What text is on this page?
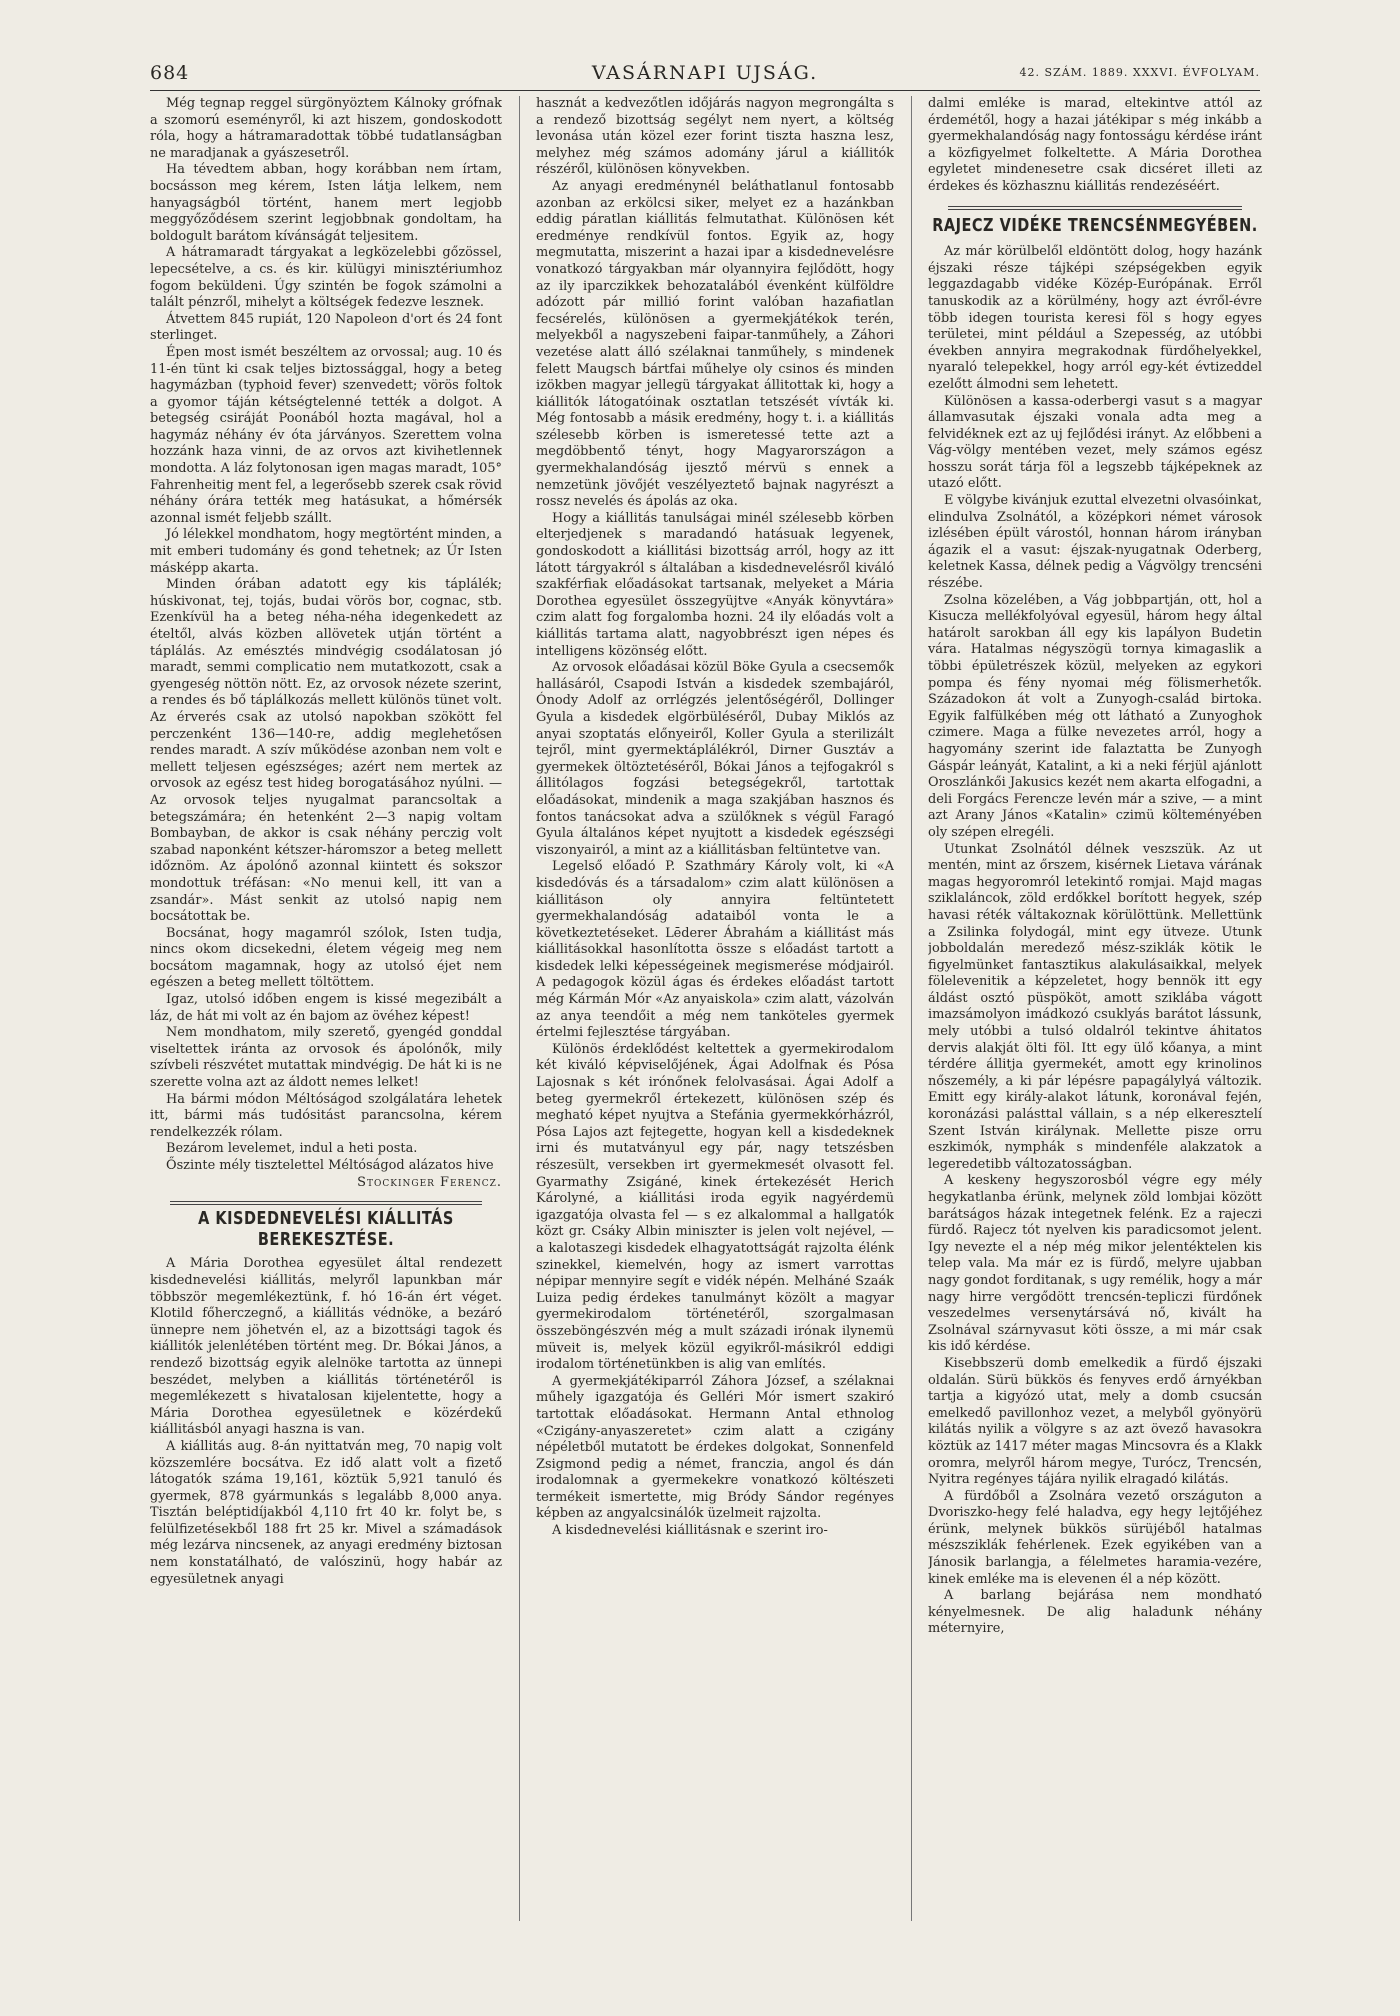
684	VASÁRNAPI UJSÁG.	42. SZÁM. 1889. XXXVI. ÉVFOLYAM.

Még tegnap reggel sürgönyöztem Kálnoky grófnak a szomorú eseményről, ki azt hiszem, gondoskodott róla, hogy a hátramaradottak többé tudatlanságban ne maradjanak a gyászesetről.

Ha tévedtem abban, hogy korábban nem írtam, bocsásson meg kérem, Isten látja lelkem, nem hanyagságból történt, hanem mert legjobb meggyőződésem szerint legjobbnak gondoltam, ha boldogult barátom kívánságát teljesitem.

A hátramaradt tárgyakat a legközelebbi gőzössel, lepecsételve, a cs. és kir. külügyi minisztériumhoz fogom beküldeni. Úgy szintén be fogok számolni a talált pénzről, mihelyt a költségek fedezve lesznek.

Átvettem 845 rupiát, 120 Napoleon d'ort és 24 font sterlinget.

Épen most ismét beszéltem az orvossal; aug. 10 és 11-én tünt ki csak teljes biztossággal, hogy a beteg hagymázban (typhoid fever) szenvedett; vörös foltok a gyomor táján kétségtelenné tették a dolgot. A betegség csiráját Poonából hozta magával, hol a hagymáz néhány év óta járványos. Szerettem volna hozzánk haza vinni, de az orvos azt kivihetlennek mondotta. A láz folytonosan igen magas maradt, 105° Fahrenheitig ment fel, a legerősebb szerek csak rövid néhány órára tették meg hatásukat, a hőmérsék azonnal ismét feljebb szállt.

Jó lélekkel mondhatom, hogy megtörtént minden, a mit emberi tudomány és gond tehetnek; az Úr Isten másképp akarta.

Minden órában adatott egy kis táplálék; húskivonat, tej, tojás, budai vörös bor, cognac, stb. Ezenkívül ha a beteg néha-néha idegenkedett az ételtől, alvás közben allövetek utján történt a táplálás. Az emésztés mindvégig csodálatosan jó maradt, semmi complicatio nem mutatkozott, csak a gyengeség nöttön nött. Ez, az orvosok nézete szerint, a rendes és bő táplálkozás mellett különös tünet volt. Az érverés csak az utolsó napokban szökött fel perczenként 136—140-re, addig meglehetősen rendes maradt. A szív működése azonban nem volt e mellett teljesen egészséges; azért nem mertek az orvosok az egész test hideg borogatásához nyúlni. — Az orvosok teljes nyugalmat parancsoltak a betegszámára; én hetenként 2—3 napig voltam Bombayban, de akkor is csak néhány perczig volt szabad naponként kétszer-háromszor a beteg mellett időznöm. Az ápolónő azonnal kiintett és sokszor mondottuk tréfásan: «No menui kell, itt van a zsandár». Mást senkit az utolsó napig nem bocsátottak be.

Bocsánat, hogy magamról szólok, Isten tudja, nincs okom dicsekedni, életem végeig meg nem bocsátom magamnak, hogy az utolsó éjet nem egészen a beteg mellett töltöttem.

Igaz, utolsó időben engem is kissé megezibált a láz, de hát mi volt az én bajom az övéhez képest!

Nem mondhatom, mily szerető, gyengéd gonddal viseltettek iránta az orvosok és ápolónők, mily szívbeli részvétet mutattak mindvégig. De hát ki is ne szerette volna azt az áldott nemes lelket!

Ha bármi módon Méltóságod szolgálatára lehetek itt, bármi más tudósitást parancsolna, kérem rendelkezzék rólam.

Bezárom levelemet, indul a heti posta.

Őszinte mély tisztelettel Méltóságod alázatos hive

Stockinger Ferencz.

A KISDEDNEVELÉSI KIÁLLITÁS BEREKESZTÉSE.

A Mária Dorothea egyesület által rendezett kisdednevelési kiállitás, melyről lapunkban már többször megemlékeztünk, f. hó 16-án ért véget. Klotild főherczegnő, a kiállitás védnöke, a bezáró ünnepre nem jöhetvén el, az a bizottsági tagok és kiállitók jelenlétében történt meg. Dr. Bókai János, a rendező bizottság egyik alelnöke tartotta az ünnepi beszédet, melyben a kiállitás történetéről is megemlékezett s hivatalosan kijelentette, hogy a Mária Dorothea egyesületnek e közérdekű kiállitásból anyagi haszna is van.

A kiállitás aug. 8-án nyittatván meg, 70 napig volt közszemlére bocsátva. Ez idő alatt volt a fizető látogatók száma 19,161, köztük 5,921 tanuló és gyermek, 878 gyármunkás s legalább 8,000 anya. Tisztán beléptidíjakból 4,110 frt 40 kr. folyt be, s felülfizetésekből 188 frt 25 kr. Mivel a számadások még lezárva nincsenek, az anyagi eredmény biztosan nem konstatálható, de valószinü, hogy habár az egyesületnek anyagi

hasznát a kedvezőtlen időjárás nagyon megrongálta s a rendező bizottság segélyt nem nyert, a költség levonása után közel ezer forint tiszta haszna lesz, melyhez még számos adomány járul a kiállitók részéről, különösen könyvekben.

Az anyagi eredménynél beláthatlanul fontosabb azonban az erkölcsi siker, melyet ez a hazánkban eddig páratlan kiállitás felmutathat. Különösen két eredménye rendkívül fontos. Egyik az, hogy megmutatta, miszerint a hazai ipar a kisdednevelésre vonatkozó tárgyakban már olyannyira fejlődött, hogy az ily iparczikkek behozatalából évenként külföldre adózott pár millió forint valóban hazafiatlan fecsérelés, különösen a gyermekjátékok terén, melyekből a nagyszebeni faipar-tanműhely, a Záhori vezetése alatt álló szélaknai tanműhely, s mindenek felett Maugsch bártfai műhelye oly csinos és minden izökben magyar jellegü tárgyakat állitottak ki, hogy a kiállitók látogatóinak osztatlan tetszését vívták ki. Még fontosabb a másik eredmény, hogy t. i. a kiállitás szélesebb körben is ismeretessé tette azt a megdöbbentő tényt, hogy Magyarországon a gyermekhalandóság ijesztő mérvü s ennek a nemzetünk jövőjét veszélyeztető bajnak nagyrészt a rossz nevelés és ápolás az oka.

Hogy a kiállitás tanulságai minél szélesebb körben elterjedjenek s maradandó hatásuak legyenek, gondoskodott a kiállitási bizottság arról, hogy az itt látott tárgyakról s általában a kisdednevelésről kiváló szakférfiak előadásokat tartsanak, melyeket a Mária Dorothea egyesület összegyüjtve «Anyák könyvtára» czim alatt fog forgalomba hozni. 24 ily előadás volt a kiállitás tartama alatt, nagyobbrészt igen népes és intelligens közönség előtt.

Az orvosok előadásai közül Böke Gyula a csecsemők hallásáról, Csapodi István a kisdedek szembajáról, Ónody Adolf az orrlégzés jelentőségéről, Dollinger Gyula a kisdedek elgörbüléséről, Dubay Miklós az anyai szoptatás előnyeiről, Koller Gyula a sterilizált tejről, mint gyermektáplálékról, Dirner Gusztáv a gyermekek öltöztetéséről, Bókai János a tejfogakról s állitólagos fogzási betegségekről, tartottak előadásokat, mindenik a maga szakjában hasznos és fontos tanácsokat adva a szülőknek s végül Faragó Gyula általános képet nyujtott a kisdedek egészségi viszonyairól, a mint az a kiállitásban feltüntetve van.

Legelső előadó P. Szathmáry Károly volt, ki «A kisdedóvás és a társadalom» czim alatt különösen a kiállitáson oly annyira feltüntetett gyermekhalandóság adataiból vonta le a következtetéseket. Lēderer Ábrahám a kiállitást más kiállitásokkal hasonlította össze s előadást tartott a kisdedek lelki képességeinek megismerése módjairól. A pedagogok közül ágas és érdekes előadást tartott még Kármán Mór «Az anyaiskola» czim alatt, vázolván az anya teendőit a még nem tanköteles gyermek értelmi fejlesztése tárgyában.

Különös érdeklődést keltettek a gyermekirodalom két kiváló képviselőjének, Ágai Adolfnak és Pósa Lajosnak s két irónőnek felolvasásai. Ágai Adolf a beteg gyermekről értekezett, különösen szép és megható képet nyujtva a Stefánia gyermekkórházról, Pósa Lajos azt fejtegette, hogyan kell a kisdedeknek irni és mutatványul egy pár, nagy tetszésben részesült, versekben irt gyermekmesét olvasott fel. Gyarmathy Zsigáné, kinek értekezését Herich Károlyné, a kiállitási iroda egyik nagyérdemü igazgatója olvasta fel — s ez alkalommal a hallgatók közt gr. Csáky Albin miniszter is jelen volt nejével, — a kalotaszegi kisdedek elhagyatottságát rajzolta élénk szinekkel, kiemelvén, hogy az ismert varrottas népipar mennyire segít e vidék népén. Melháné Szaák Luiza pedig érdekes tanulmányt közölt a magyar gyermekirodalom történetéről, szorgalmasan összeböngészvén még a mult századi irónak ilynemü müveit is, melyek közül egyikről-másikról eddigi irodalom történetünkben is alig van említés.

A gyermekjátékiparról Záhora József, a szélaknai műhely igazgatója és Gelléri Mór ismert szakiró tartottak előadásokat. Hermann Antal ethnolog «Czigány-anyaszeretet» czim alatt a czigány népéletből mutatott be érdekes dolgokat, Sonnenfeld Zsigmond pedig a német, franczia, angol és dán irodalomnak a gyermekekre vonatkozó költészeti termékeit ismertette, mig Bródy Sándor regényes képben az angyalcsinálók üzelmeit rajzolta.

A kisdednevelési kiállitásnak e szerint iro-

dalmi emléke is marad, eltekintve attól az érdemétől, hogy a hazai játékipar s még inkább a gyermekhalandóság nagy fontosságu kérdése iránt a közfigyelmet folkeltette. A Mária Dorothea egyletet mindenesetre csak dicséret illeti az érdekes és közhasznu kiállitás rendezéséért.

RAJECZ VIDÉKE TRENCSÉNMEGYÉBEN.

Az már körülbelől eldöntött dolog, hogy hazánk éjszaki része tájképi szépségekben egyik leggazdagabb vidéke Közép-Európának. Erről tanuskodik az a körülmény, hogy azt évről-évre több idegen tourista keresi föl s hogy egyes területei, mint például a Szepesség, az utóbbi években annyira megrakodnak fürdőhelyekkel, nyaraló telepekkel, hogy arról egy-két évtizeddel ezelőtt álmodni sem lehetett.

Különösen a kassa-oderbergi vasut s a magyar államvasutak éjszaki vonala adta meg a felvidéknek ezt az uj fejlődési irányt. Az előbbeni a Vág-völgy mentében vezet, mely számos egész hosszu sorát tárja föl a legszebb tájképeknek az utazó előtt.

E völgybe kivánjuk ezuttal elvezetni olvasóinkat, elindulva Zsolnától, a középkori német városok izlésében épült várostól, honnan három irányban ágazik el a vasut: éjszak-nyugatnak Oderberg, keletnek Kassa, délnek pedig a Vágvölgy trencséni részébe.

Zsolna közelében, a Vág jobbpartján, ott, hol a Kisucza mellékfolyóval egyesül, három hegy által határolt sarokban áll egy kis lapályon Budetin vára. Hatalmas négyszögü tornya kimagaslik a többi épületrészek közül, melyeken az egykori pompa és fény nyomai még fölismerhetők. Századokon át volt a Zunyogh-család birtoka. Egyik falfülkében még ott látható a Zunyoghok czimere. Maga a fülke nevezetes arról, hogy a hagyomány szerint ide falaztatta be Zunyogh Gáspár leányát, Katalint, a ki a neki férjül ajánlott Oroszlánkői Jakusics kezét nem akarta elfogadni, a deli Forgács Ferencze levén már a szive, — a mint azt Arany János «Katalin» czimü költeményében oly szépen elregéli.

Utunkat Zsolnától délnek veszszük. Az ut mentén, mint az őrszem, kisérnek Lietava várának magas hegyoromról letekintő romjai. Majd magas sziklaláncok, zöld erdőkkel borított hegyek, szép havasi réték váltakoznak körülöttünk. Mellettünk a Zsilinka folydogál, mint egy ütveze. Utunk jobboldalán meredező mész-sziklák kötik le figyelmünket fantasztikus alakulásaikkal, melyek fölelevenitik a képzeletet, hogy bennök itt egy áldást osztó püspököt, amott sziklába vágott imazsámolyon imádkozó csuklyás barátot lássunk, mely utóbbi a tulsó oldalról tekintve áhitatos dervis alakját ölti föl. Itt egy ülő kőanya, a mint térdére állitja gyermekét, amott egy krinolinos nőszemély, a ki pár lépésre papagálylyá változik. Emitt egy király-alakot látunk, koronával fején, koronázási palásttal vállain, s a nép elkeresztelí Szent István királynak. Mellette pisze orru eszkimók, nymphák s mindenféle alakzatok a legeredetibb változatosságban.

A keskeny hegyszorosból végre egy mély hegykatlanba érünk, melynek zöld lombjai között barátságos házak integetnek felénk. Ez a rajeczi fürdő. Rajecz tót nyelven kis paradicsomot jelent. Igy nevezte el a nép még mikor jelentéktelen kis telep vala. Ma már ez is fürdő, melyre ujabban nagy gondot forditanak, s ugy remélik, hogy a már nagy hirre vergődött trencsén-tepliczi fürdőnek veszedelmes versenytársává nő, kivált ha Zsolnával szárnyvasut köti össze, a mi már csak kis idő kérdése.

Kisebbszerü domb emelkedik a fürdő éjszaki oldalán. Sürü bükkös és fenyves erdő árnyékban tartja a kigyózó utat, mely a domb csucsán emelkedő pavillonhoz vezet, a melyből gyönyörü kilátás nyilik a völgyre s az azt övező havasokra köztük az 1417 méter magas Mincsovra és a Klakk oromra, melyről három megye, Turócz, Trencsén, Nyitra regényes tájára nyilik elragadó kilátás.

A fürdőből a Zsolnára vezető országuton a Dvoriszko-hegy felé haladva, egy hegy lejtőjéhez érünk, melynek bükkös sürüjéből hatalmas mészsziklák fehérlenek. Ezek egyikében van a Jánosik barlangja, a félelmetes haramia-vezére, kinek emléke ma is elevenen él a nép között.

A barlang bejárása nem mondható kényelmesnek. De alig haladunk néhány méternyire,
